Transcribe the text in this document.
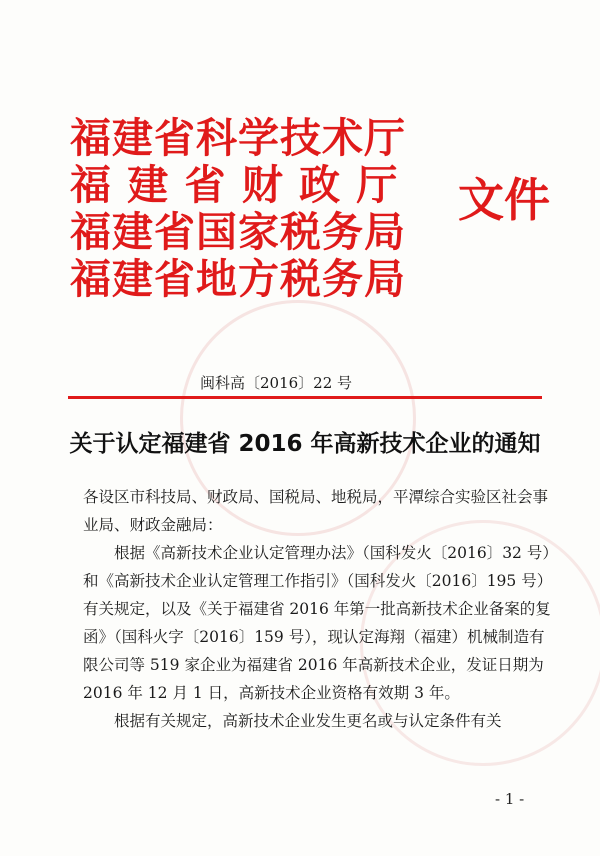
福建省科学技术厅
福 建 省 财 政 厅
福建省国家税务局
福建省地方税务局
文件
闽科高〔2016〕22 号
关于认定福建省 2016 年高新技术企业的通知

各设区市科技局、财政局、国税局、地税局，平潭综合实验区社会事业局、财政金融局：

根据《高新技术企业认定管理办法》（国科发火〔2016〕32 号）和《高新技术企业认定管理工作指引》（国科发火〔2016〕195 号）有关规定，以及《关于福建省 2016 年第一批高新技术企业备案的复函》（国科火字〔2016〕159 号），现认定海翔（福建）机械制造有限公司等 519 家企业为福建省 2016 年高新技术企业，发证日期为 2016 年 12 月 1 日，高新技术企业资格有效期 3 年。

根据有关规定，高新技术企业发生更名或与认定条件有关

- 1 -
